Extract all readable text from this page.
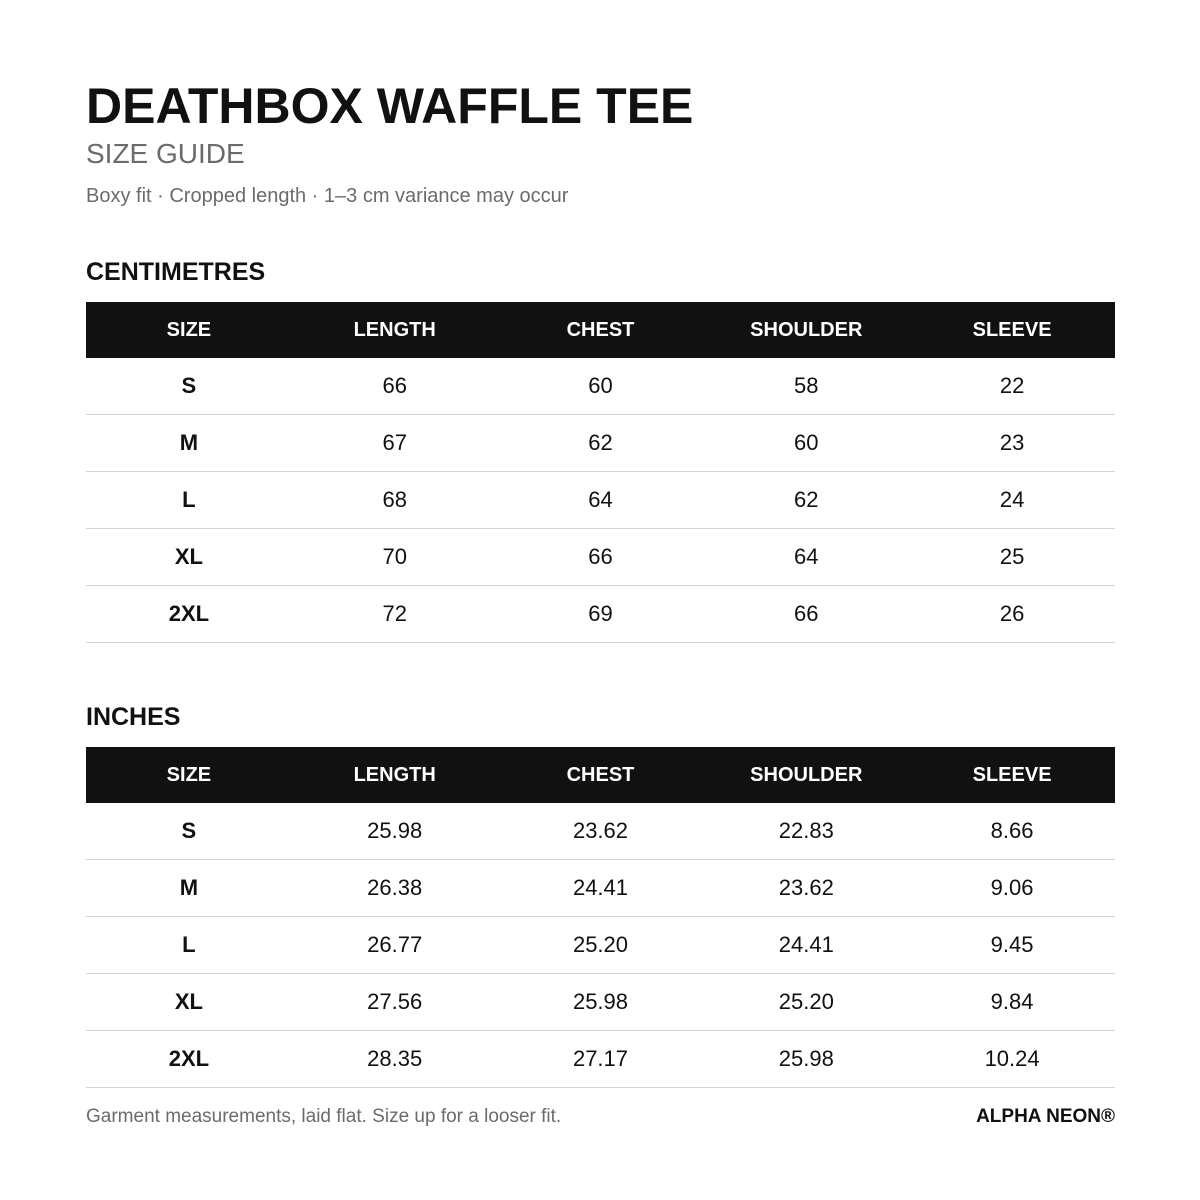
DEATHBOX WAFFLE TEE
SIZE GUIDE
Boxy fit · Cropped length · 1–3 cm variance may occur
CENTIMETRES
SIZE	LENGTH	CHEST	SHOULDER	SLEEVE
S	66	60	58	22
M	67	62	60	23
L	68	64	62	24
XL	70	66	64	25
2XL	72	69	66	26
INCHES
SIZE	LENGTH	CHEST	SHOULDER	SLEEVE
S	25.98	23.62	22.83	8.66
M	26.38	24.41	23.62	9.06
L	26.77	25.20	24.41	9.45
XL	27.56	25.98	25.20	9.84
2XL	28.35	27.17	25.98	10.24
Garment measurements, laid flat. Size up for a looser fit.	ALPHA NEON®
